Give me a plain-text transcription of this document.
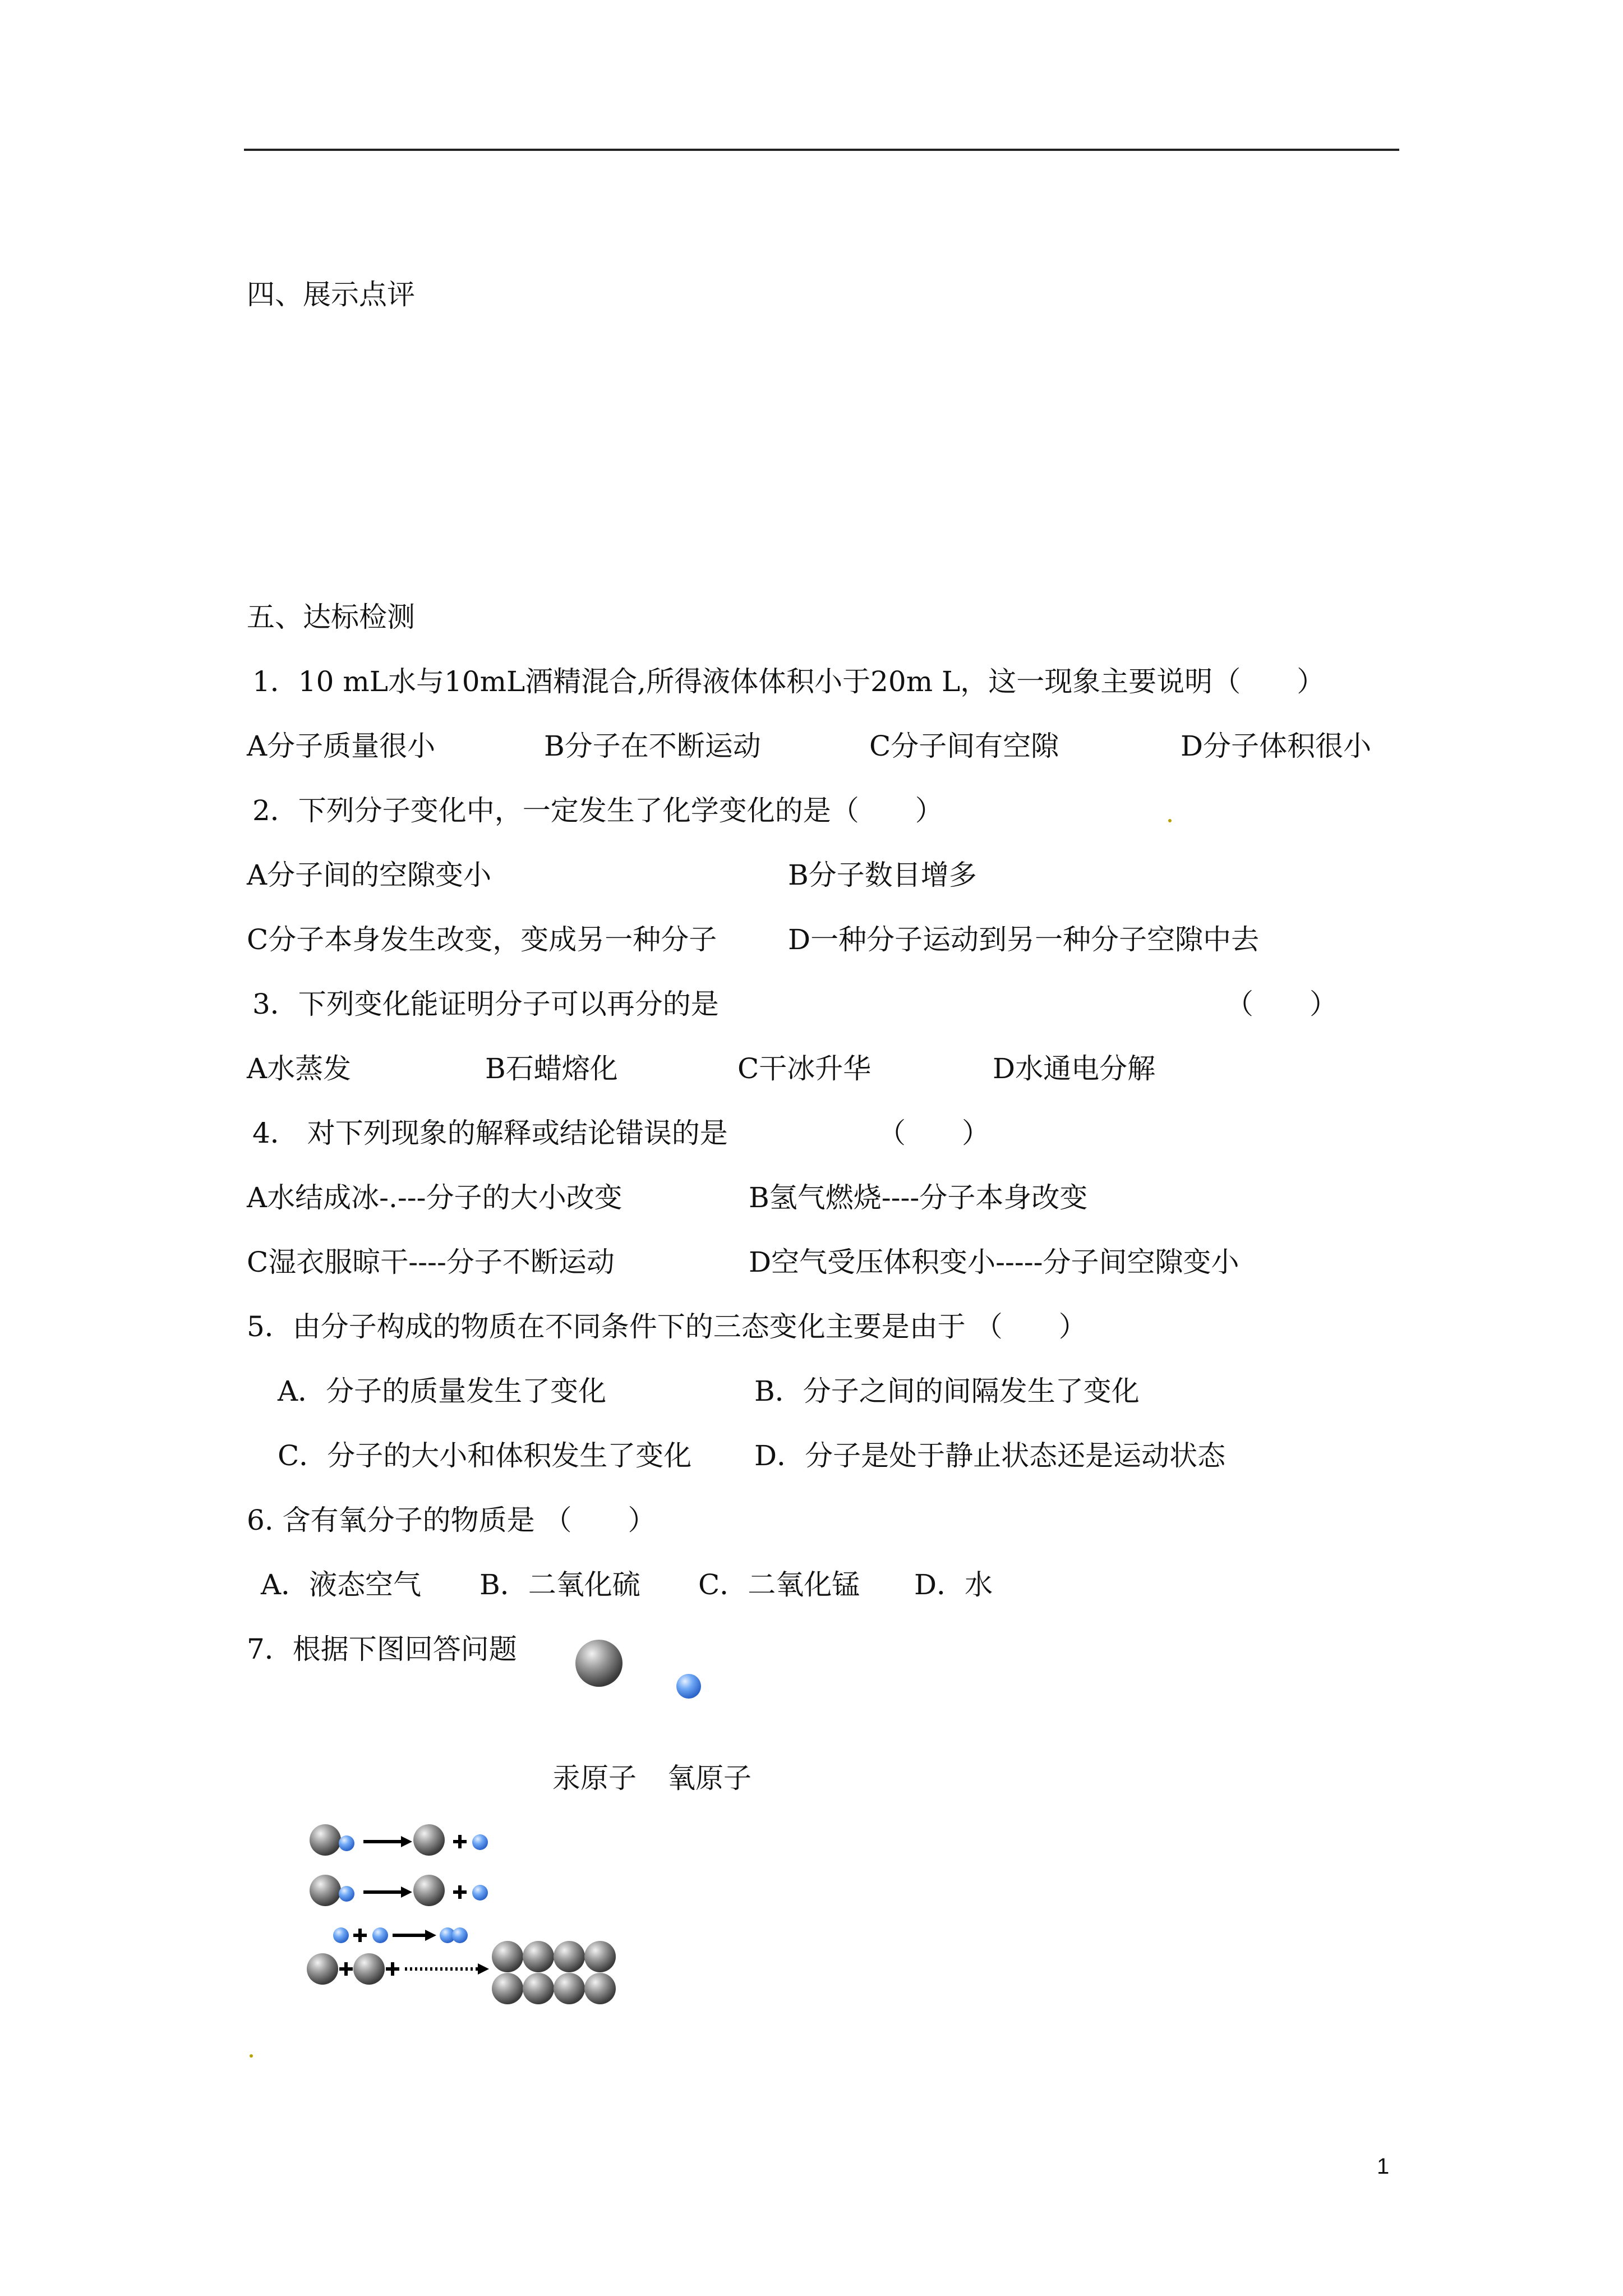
四、展示点评
五、达标检测
1．10 mL水与10mL酒精混合,所得液体体积小于20m L，这一现象主要说明（　　）
A分子质量很小	B分子在不断运动	C分子间有空隙	D分子体积很小
2．下列分子变化中，一定发生了化学变化的是（　　）
A分子间的空隙变小	B分子数目增多
C分子本身发生改变，变成另一种分子	D一种分子运动到另一种分子空隙中去
3．下列变化能证明分子可以再分的是	（　　）
A水蒸发	B石蜡熔化	C干冰升华	D水通电分解
4． 对下列现象的解释或结论错误的是	（　　）
A水结成冰-.---分子的大小改变	B氢气燃烧----分子本身改变
C湿衣服晾干----分子不断运动	D空气受压体积变小-----分子间空隙变小
5．由分子构成的物质在不同条件下的三态变化主要是由于 （　　）
A．分子的质量发生了变化	B．分子之间的间隔发生了变化
C．分子的大小和体积发生了变化 D．分子是处于静止状态还是运动状态
6. 含有氧分子的物质是 （　　）
A．液态空气 B．二氧化硫 C．二氧化锰 D．水
7．根据下图回答问题
汞原子 氧原子
1
